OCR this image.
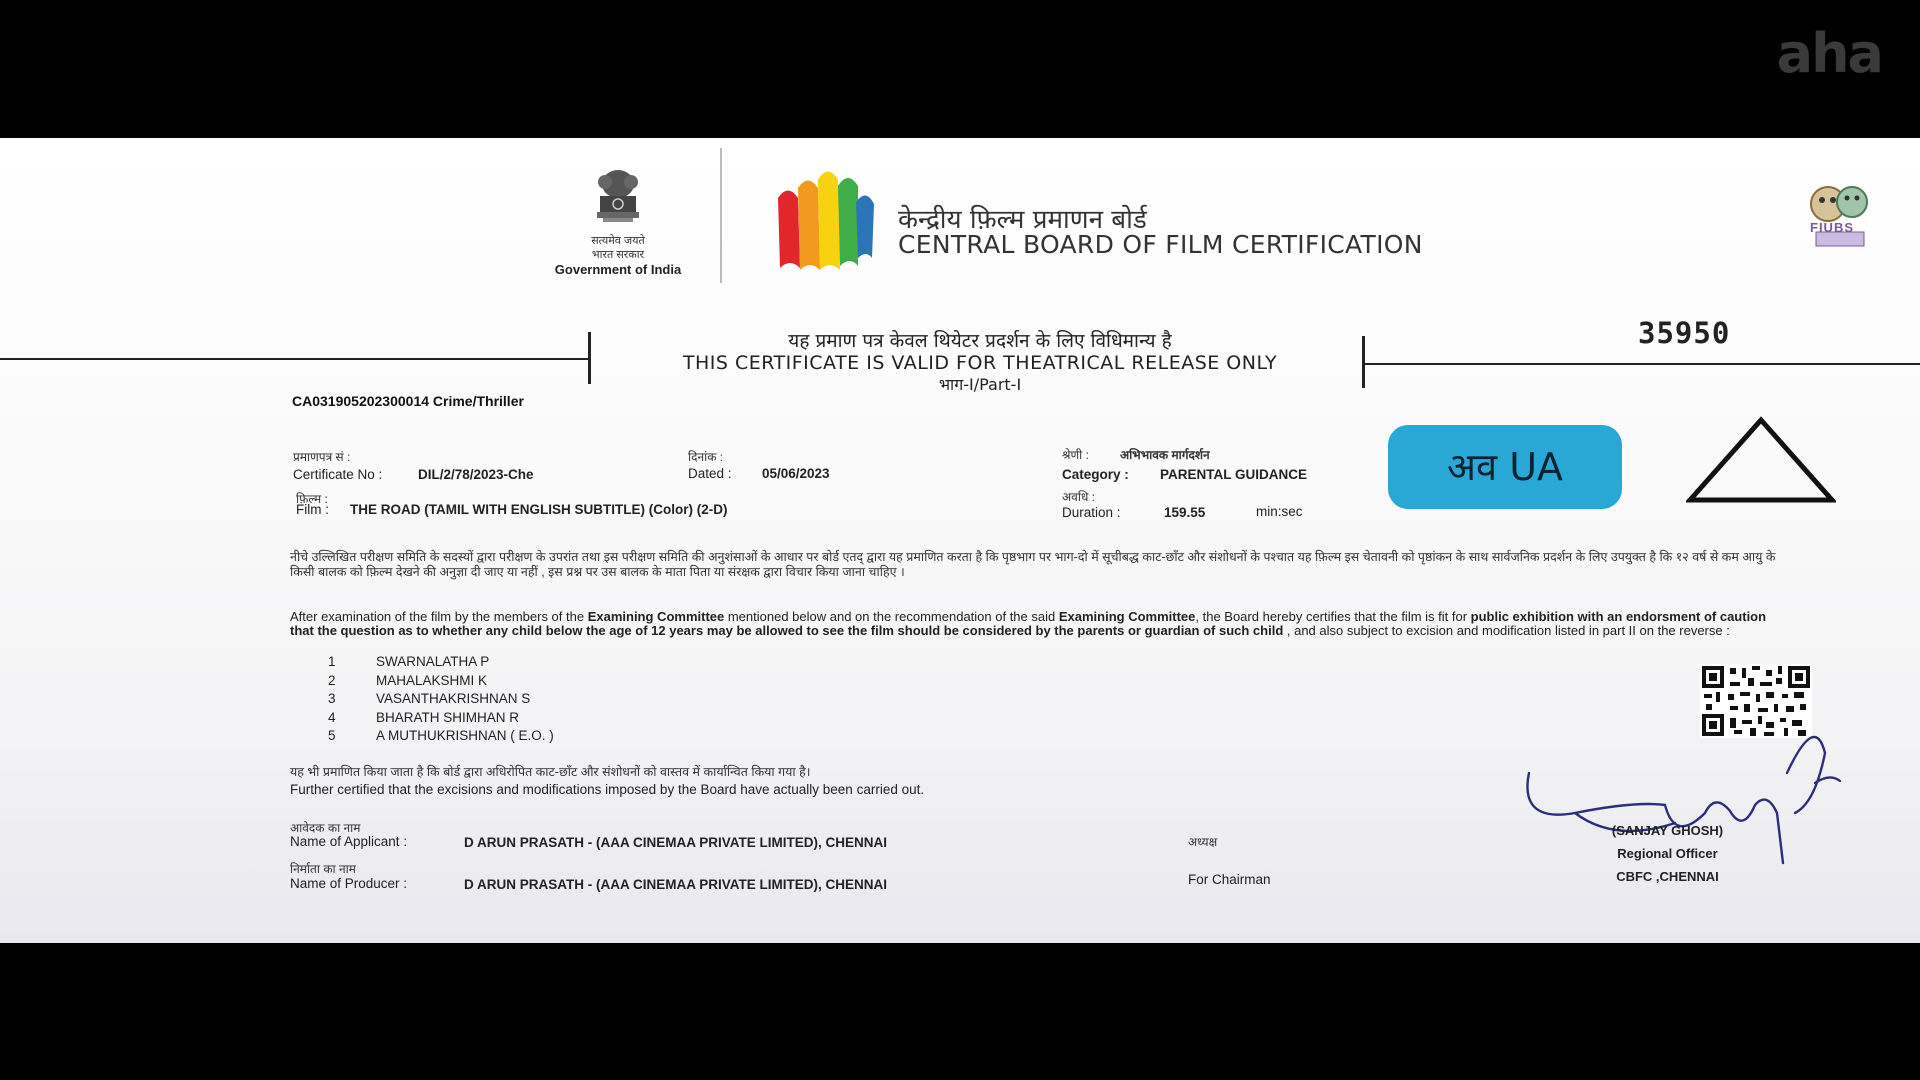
aha
सत्यमेव जयते
भारत सरकार
Government of India
केन्द्रीय फ़िल्म प्रमाणन बोर्ड
CENTRAL BOARD OF FILM CERTIFICATION
FIUBS
यह प्रमाण पत्र केवल थियेटर प्रदर्शन के लिए विधिमान्य है
THIS CERTIFICATE IS VALID FOR THEATRICAL RELEASE ONLY
भाग-I/Part-I
35950
CA031905202300014 Crime/Thriller
प्रमाणपत्र सं :
Certificate No :	DIL/2/78/2023-Che
दिनांक :
Dated : 05/06/2023
श्रेणी :	अभिभावक मार्गदर्शन
Category : PARENTAL GUIDANCE
फ़िल्म :
Film : THE ROAD (TAMIL WITH ENGLISH SUBTITLE) (Color) (2-D)
अवधि :
Duration :	159.55	min:sec
अव UA
नीचे उल्लिखित परीक्षण समिति के सदस्यों द्वारा परीक्षण के उपरांत तथा इस परीक्षण समिति की अनुशंसाओं के आधार पर बोर्ड एतद् द्वारा यह प्रमाणित करता है कि पृष्ठभाग पर भाग-दो में सूचीबद्ध काट-छाँट और संशोधनों के पश्चात यह फ़िल्म इस चेतावनी को पृष्ठांकन के साथ सार्वजनिक प्रदर्शन के लिए उपयुक्त है कि १२ वर्ष से कम आयु के किसी बालक को फ़िल्म देखने की अनुज्ञा दी जाए या नहीं , इस प्रश्न पर उस बालक के माता पिता या संरक्षक द्वारा विचार किया जाना चाहिए ।
After examination of the film by the members of the Examining Committee mentioned below and on the recommendation of the said Examining Committee, the Board hereby certifies that the film is fit for public exhibition with an endorsment of caution that the question as to whether any child below the age of 12 years may be allowed to see the film should be considered by the parents or guardian of such child , and also subject to excision and modification listed in part II on the reverse :
1	SWARNALATHA P
2	MAHALAKSHMI K
3	VASANTHAKRISHNAN S
4	BHARATH SHIMHAN R
5	A MUTHUKRISHNAN ( E.O. )
यह भी प्रमाणित किया जाता है कि बोर्ड द्वारा अधिरोपित काट-छाँट और संशोधनों को वास्तव में कार्यान्वित किया गया है।
Further certified that the excisions and modifications imposed by the Board have actually been carried out.
आवेदक का नाम
Name of Applicant :	D ARUN PRASATH - (AAA CINEMAA PRIVATE LIMITED), CHENNAI
निर्माता का नाम
Name of Producer :	D ARUN PRASATH - (AAA CINEMAA PRIVATE LIMITED), CHENNAI
अध्यक्ष
For Chairman
(SANJAY GHOSH)
Regional Officer
CBFC ,CHENNAI
